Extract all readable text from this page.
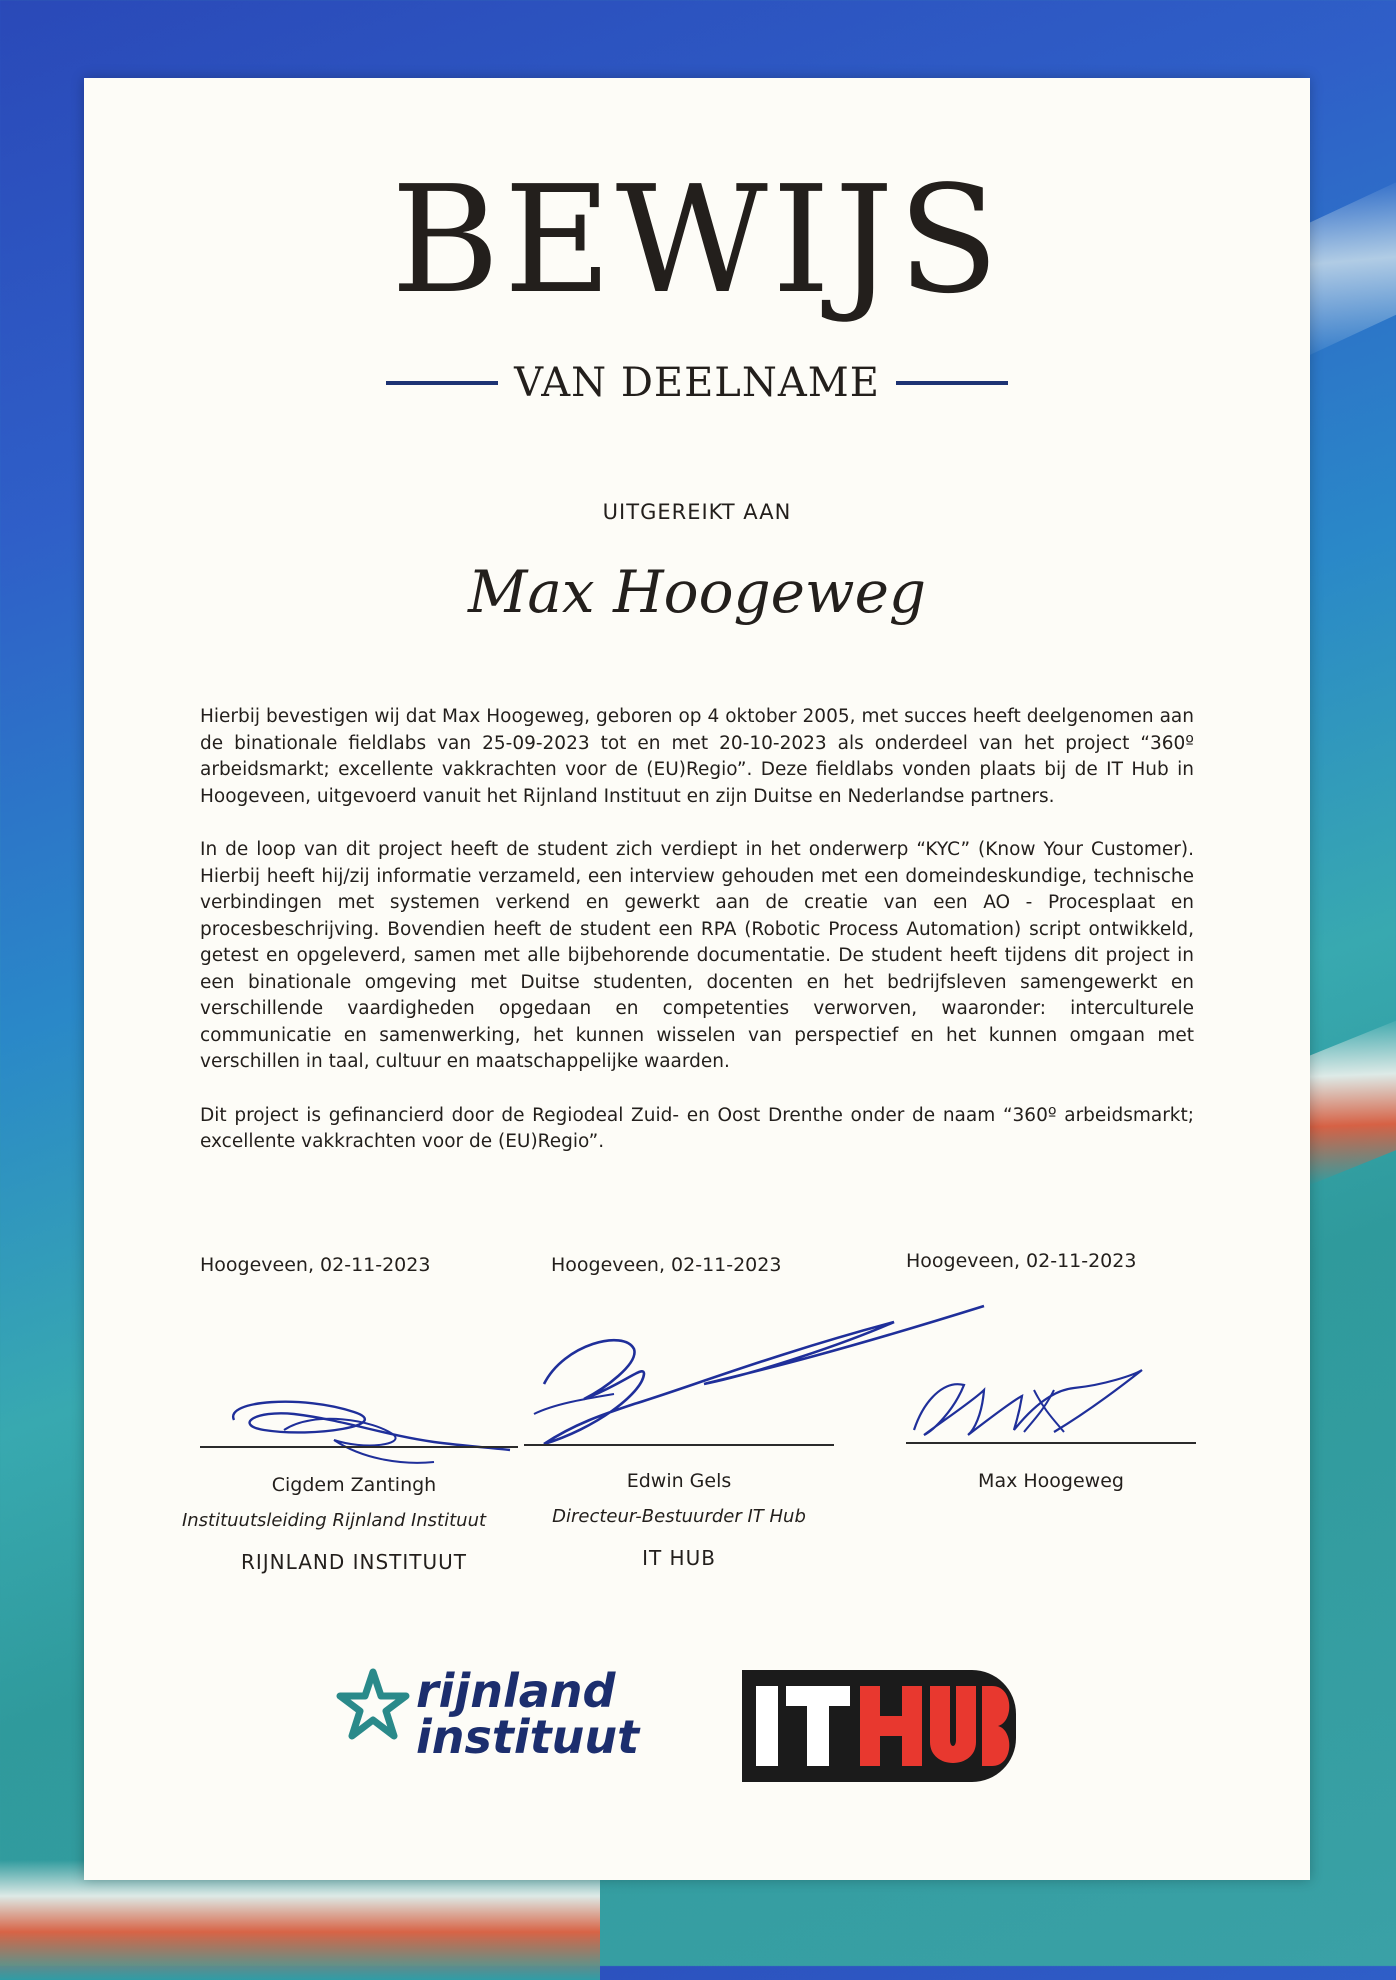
BEWIJS
VAN DEELNAME
UITGEREIKT AAN
Max Hoogeweg

Hierbij bevestigen wij dat Max Hoogeweg, geboren op 4 oktober 2005, met succes heeft deelgenomen aan de binationale fieldlabs van 25-09-2023 tot en met 20-10-2023 als onderdeel van het project “360º arbeidsmarkt; excellente vakkrachten voor de (EU)Regio”. Deze fieldlabs vonden plaats bij de IT Hub in Hoogeveen, uitgevoerd vanuit het Rijnland Instituut en zijn Duitse en Nederlandse partners.

In de loop van dit project heeft de student zich verdiept in het onderwerp “KYC” (Know Your Customer). Hierbij heeft hij/zij informatie verzameld, een interview gehouden met een domeindeskundige, technische verbindingen met systemen verkend en gewerkt aan de creatie van een AO - Procesplaat en procesbeschrijving. Bovendien heeft de student een RPA (Robotic Process Automation) script ontwikkeld, getest en opgeleverd, samen met alle bijbehorende documentatie. De student heeft tijdens dit project in een binationale omgeving met Duitse studenten, docenten en het bedrijfsleven samengewerkt en verschillende vaardigheden opgedaan en competenties verworven, waaronder: interculturele communicatie en samenwerking, het kunnen wisselen van perspectief en het kunnen omgaan met verschillen in taal, cultuur en maatschappelijke waarden.

Dit project is gefinancierd door de Regiodeal Zuid- en Oost Drenthe onder de naam “360º arbeidsmarkt; excellente vakkrachten voor de (EU)Regio”.

Hoogeveen, 02-11-2023	Hoogeveen, 02-11-2023	Hoogeveen, 02-11-2023
Cigdem Zantingh	Edwin Gels	Max Hoogeweg
Instituutsleiding Rijnland Instituut	Directeur-Bestuurder IT Hub
RIJNLAND INSTITUUT	IT HUB
rijnland
instituut
